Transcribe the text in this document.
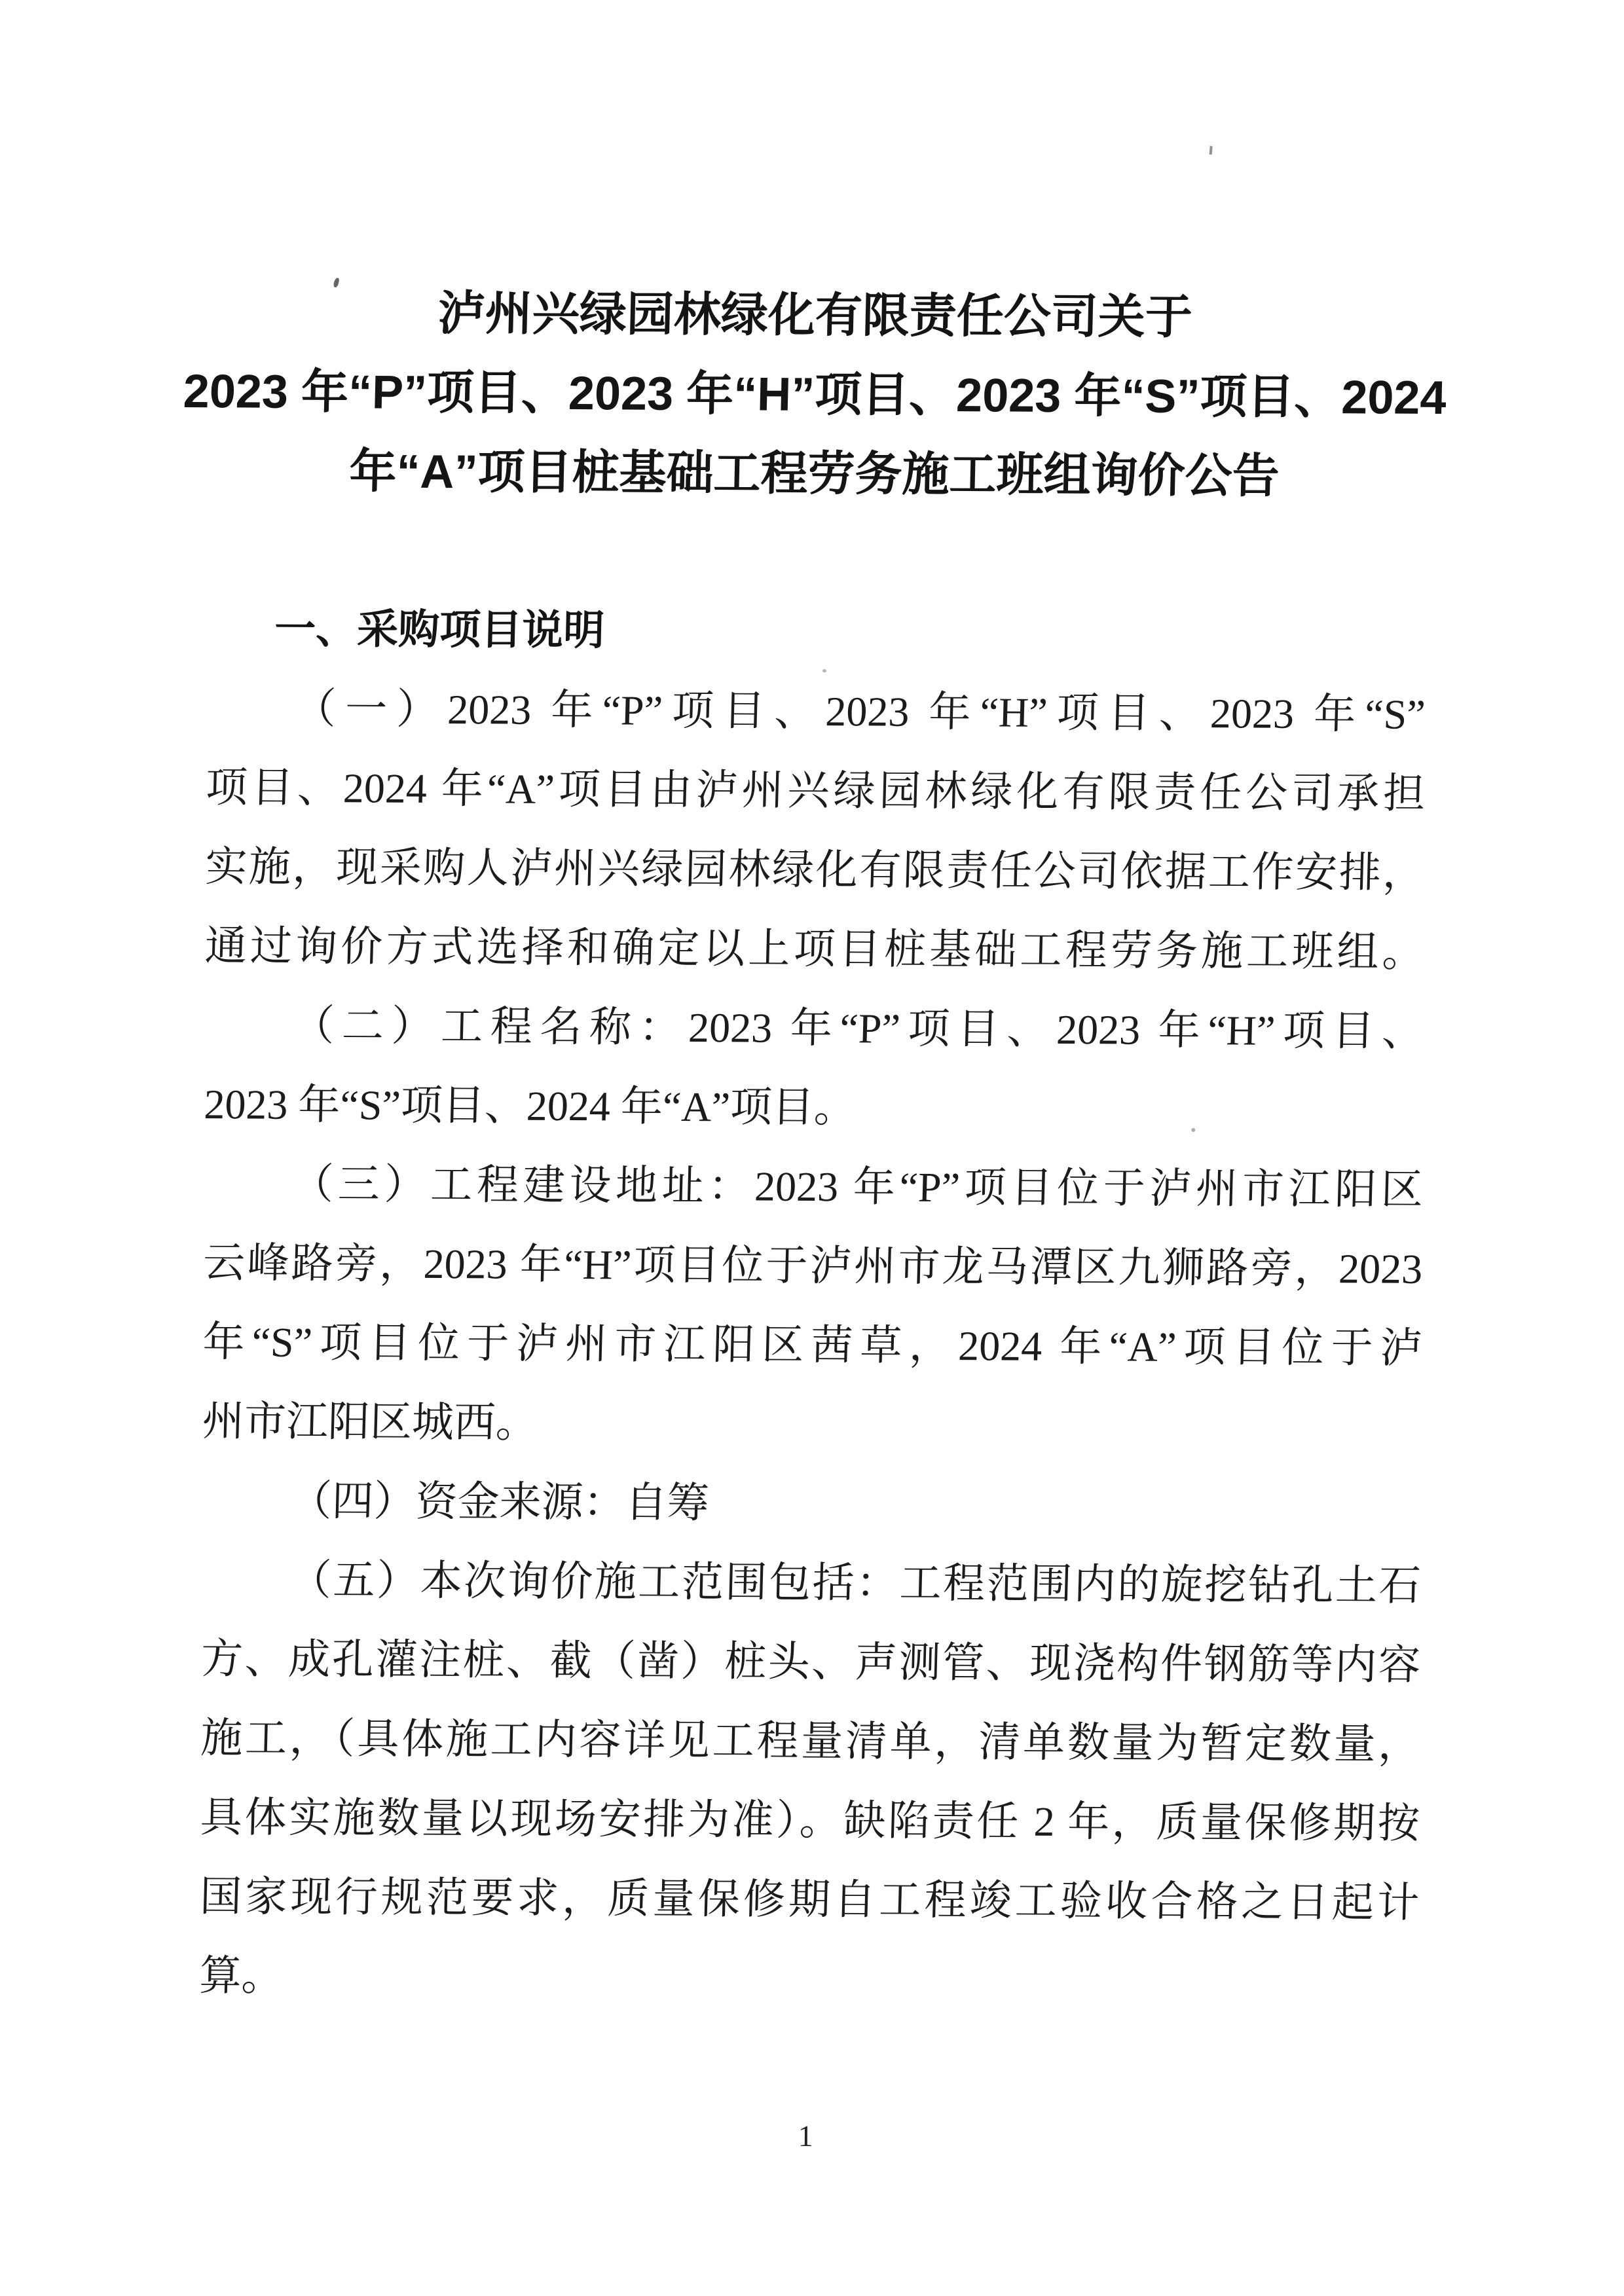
泸州兴绿园林绿化有限责任公司关于
2023 年“P”项目、2023 年“H”项目、2023 年“S”项目、2024
年“A”项目桩基础工程劳务施工班组询价公告
一、采购项目说明
（一）2023 年“P”项目、2023 年“H”项目、2023 年“S”
项目、2024 年“A”项目由泸州兴绿园林绿化有限责任公司承担
实施，现采购人泸州兴绿园林绿化有限责任公司依据工作安排，
通过询价方式选择和确定以上项目桩基础工程劳务施工班组。
（二）工程名称：2023 年“P”项目、2023 年“H”项目、
2023 年“S”项目、2024 年“A”项目。
（三）工程建设地址：2023 年“P”项目位于泸州市江阳区
云峰路旁，2023 年“H”项目位于泸州市龙马潭区九狮路旁，2023
年“S”项目位于泸州市江阳区茜草，2024 年“A”项目位于泸
州市江阳区城西。
（四）资金来源：自筹
（五）本次询价施工范围包括：工程范围内的旋挖钻孔土石
方、成孔灌注桩、截（凿）桩头、声测管、现浇构件钢筋等内容
施工，（具体施工内容详见工程量清单，清单数量为暂定数量，
具体实施数量以现场安排为准）。缺陷责任 2 年，质量保修期按
国家现行规范要求，质量保修期自工程竣工验收合格之日起计
算。
1
